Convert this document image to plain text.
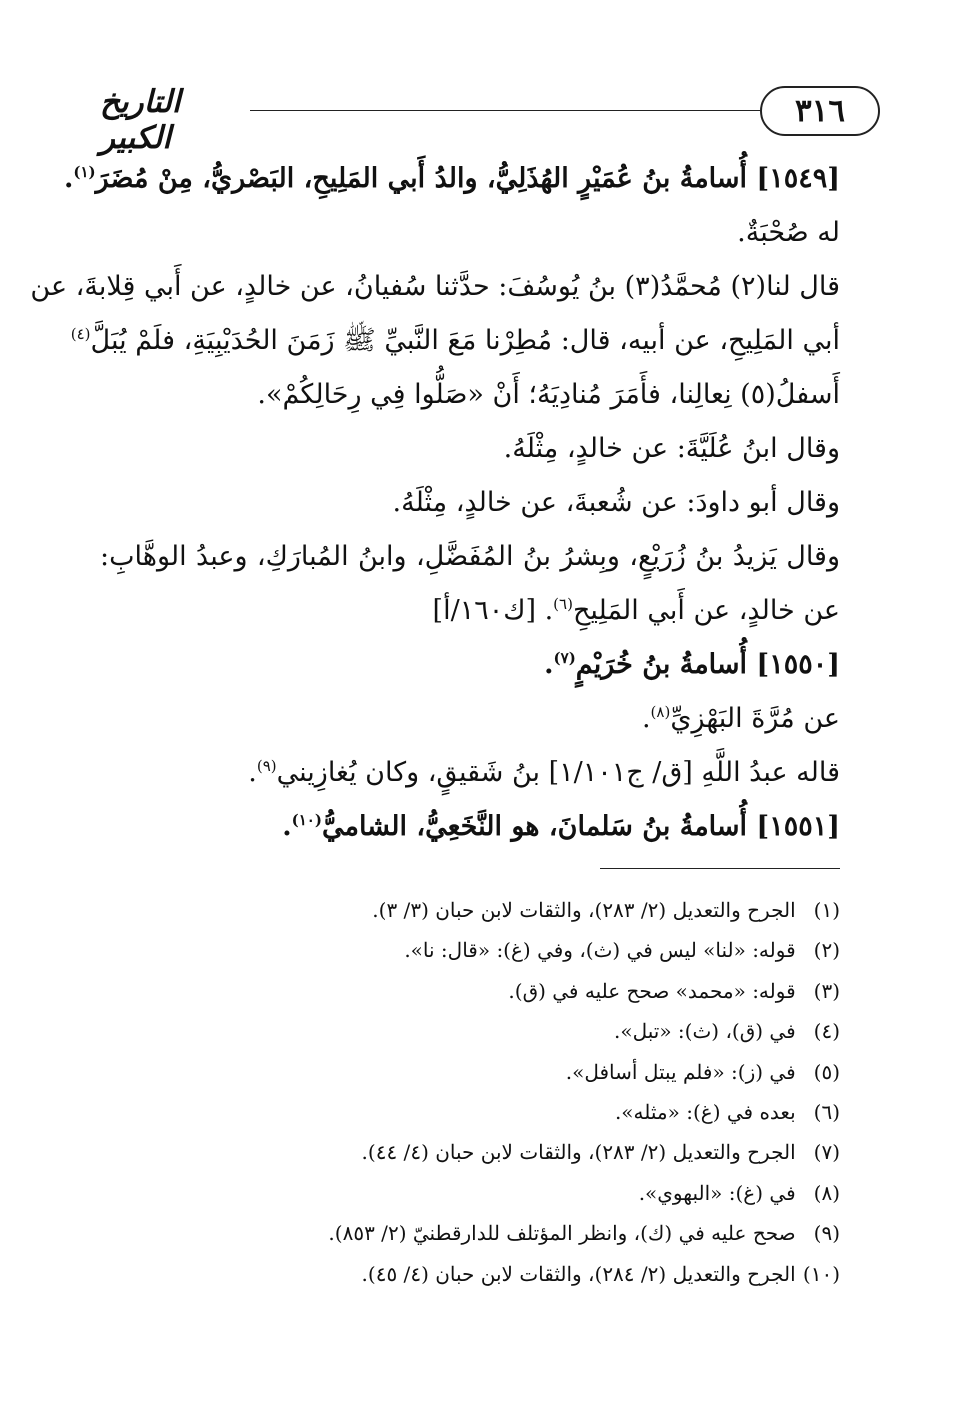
٣١٦
التاريخ الكبير
[١٥٤٩] أُسامةُ بنُ عُمَيْرٍ الهُذَلِيُّ، والدُ أَبي المَلِيحِ، البَصْريُّ، مِنْ مُضَرَ$^{(١)}$.
له صُحْبَةٌ.
قال لنا(٢) مُحمَّدُ(٣) بنُ يُوسُفَ: حدَّثنا سُفيانُ، عن خالدٍ، عن أَبي قِلابةَ، عن
أبي المَلِيحِ، عن أبيه، قال: مُطِرْنا مَعَ النَّبيِّ ﷺ زَمَنَ الحُدَيْبِيَةِ، فلَمْ يُبَلَّ$^{(٤)}$
أَسفلُ(٥) نِعالِنا، فأَمَرَ مُنادِيَهُ؛ أَنْ «صَلُّوا فِي رِحَالِكُمْ».
وقال ابنُ عُلَيَّةَ: عن خالدٍ، مِثْلَهُ.
وقال أبو داودَ: عن شُعبةَ، عن خالدٍ، مِثْلَهُ.
وقال يَزيدُ بنُ زُرَيْعٍ، وبِشرُ بنُ المُفَضَّلِ، وابنُ المُبارَكِ، وعبدُ الوهَّابِ:
عن خالدٍ، عن أَبي المَلِيحِ$^{(٦)}$. [ك١٦٠/أ]
[١٥٥٠] أُسامةُ بنُ خُرَيْمٍ$^{(٧)}$.
عن مُرَّةَ البَهْزِيِّ$^{(٨)}$.
قاله عبدُ اللَّهِ [ق/ ج١/١٠١] بنُ شَقيقٍ، وكان يُغازِيني$^{(٩)}$.
[١٥٥١] أُسامةُ بنُ سَلمانَ، هو النَّخَعِيُّ، الشاميُّ$^{(١٠)}$.
(١) الجرح والتعديل (٢/ ٢٨٣)، والثقات لابن حبان (٣/ ٣).
(٢) قوله: «لنا» ليس في (ث)، وفي (غ): «قال: نا».
(٣) قوله: «محمد» صحح عليه في (ق).
(٤) في (ق)، (ث): «تبل».
(٥) في (ز): «فلم يبتل أسافل».
(٦) بعده في (غ): «مثله».
(٧) الجرح والتعديل (٢/ ٢٨٣)، والثقات لابن حبان (٤/ ٤٤).
(٨) في (غ): «البهوي».
(٩) صحح عليه في (ك)، وانظر المؤتلف للدارقطنيّ (٢/ ٨٥٣).
(١٠) الجرح والتعديل (٢/ ٢٨٤)، والثقات لابن حبان (٤/ ٤٥).
